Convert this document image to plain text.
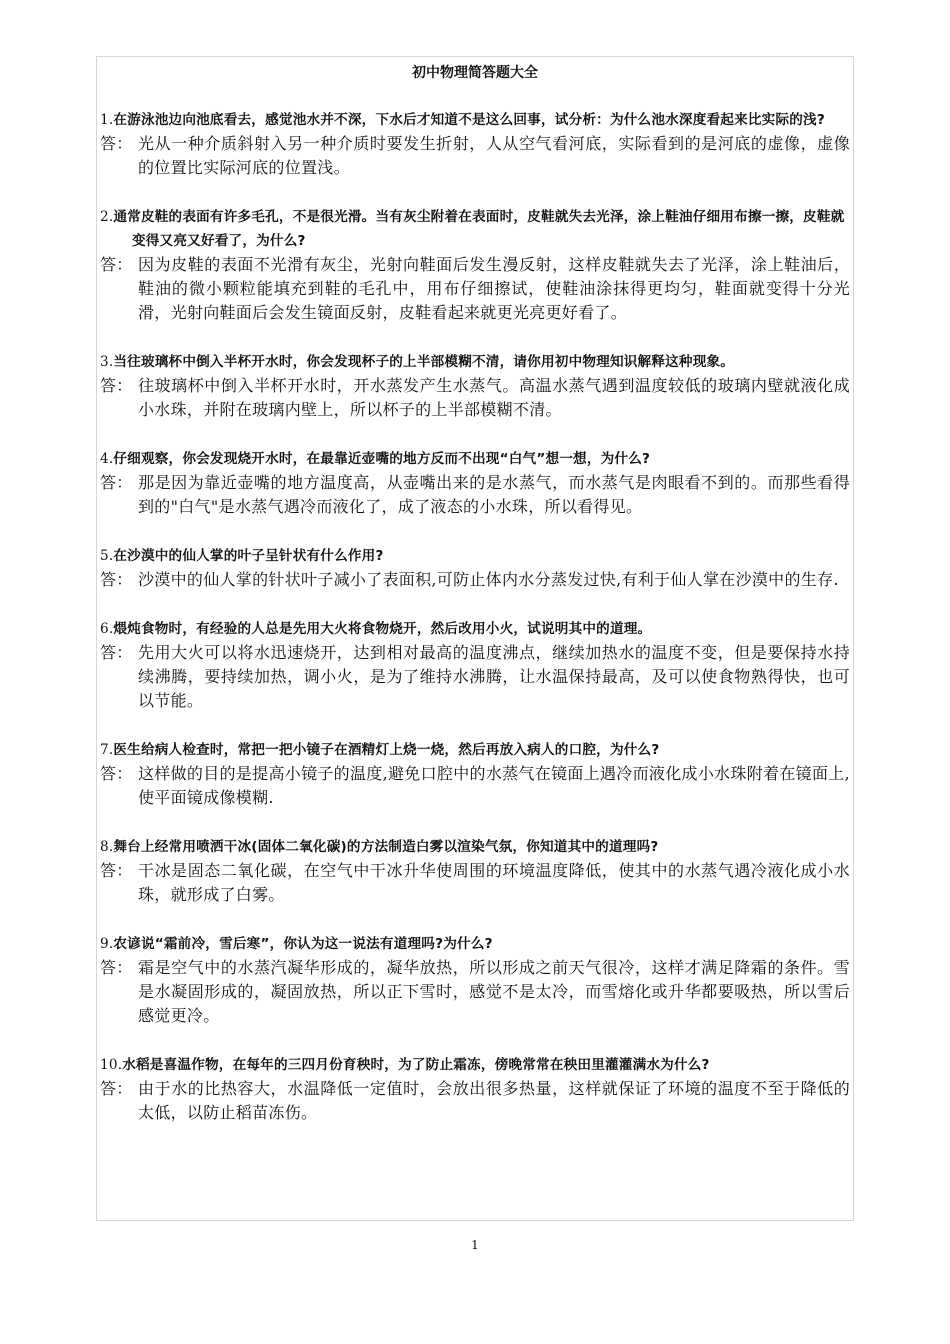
初中物理简答题大全
1.在游泳池边向池底看去，感觉池水并不深，下水后才知道不是这么回事，试分析：为什么池水深度看起来比实际的浅?
答： 光从一种介质斜射入另一种介质时要发生折射，人从空气看河底，实际看到的是河底的虚像，虚像的位置比实际河底的位置浅。
2.通常皮鞋的表面有许多毛孔，不是很光滑。当有灰尘附着在表面时，皮鞋就失去光泽，涂上鞋油仔细用布擦一擦，皮鞋就变得又亮又好看了，为什么?
答： 因为皮鞋的表面不光滑有灰尘，光射向鞋面后发生漫反射，这样皮鞋就失去了光泽，涂上鞋油后，鞋油的微小颗粒能填充到鞋的毛孔中，用布仔细擦试，使鞋油涂抹得更均匀，鞋面就变得十分光滑，光射向鞋面后会发生镜面反射，皮鞋看起来就更光亮更好看了。
3.当往玻璃杯中倒入半杯开水时，你会发现杯子的上半部模糊不清，请你用初中物理知识解释这种现象。
答： 往玻璃杯中倒入半杯开水时，开水蒸发产生水蒸气。高温水蒸气遇到温度较低的玻璃内壁就液化成小水珠，并附在玻璃内壁上，所以杯子的上半部模糊不清。
4.仔细观察，你会发现烧开水时，在最靠近壶嘴的地方反而不出现“白气”想一想，为什么?
答： 那是因为靠近壶嘴的地方温度高，从壶嘴出来的是水蒸气，而水蒸气是肉眼看不到的。而那些看得到的"白气"是水蒸气遇冷而液化了，成了液态的小水珠，所以看得见。
5.在沙漠中的仙人掌的叶子呈针状有什么作用?
答： 沙漠中的仙人掌的针状叶子减小了表面积,可防止体内水分蒸发过快,有利于仙人掌在沙漠中的生存.
6.煨炖食物时，有经验的人总是先用大火将食物烧开，然后改用小火，试说明其中的道理。
答： 先用大火可以将水迅速烧开，达到相对最高的温度沸点，继续加热水的温度不变，但是要保持水持续沸腾，要持续加热，调小火，是为了维持水沸腾，让水温保持最高，及可以使食物熟得快，也可以节能。
7.医生给病人检查时，常把一把小镜子在酒精灯上烧一烧，然后再放入病人的口腔，为什么?
答： 这样做的目的是提高小镜子的温度,避免口腔中的水蒸气在镜面上遇冷而液化成小水珠附着在镜面上,使平面镜成像模糊.
8.舞台上经常用喷洒干冰(固体二氧化碳)的方法制造白雾以渲染气氛，你知道其中的道理吗?
答： 干冰是固态二氧化碳，在空气中干冰升华使周围的环境温度降低，使其中的水蒸气遇冷液化成小水珠，就形成了白雾。
9.农谚说“霜前冷，雪后寒”，你认为这一说法有道理吗?为什么?
答： 霜是空气中的水蒸汽凝华形成的，凝华放热，所以形成之前天气很冷，这样才满足降霜的条件。雪是水凝固形成的，凝固放热，所以正下雪时，感觉不是太冷，而雪熔化或升华都要吸热，所以雪后感觉更冷。
10.水稻是喜温作物，在每年的三四月份育秧时，为了防止霜冻，傍晚常常在秧田里灌灌满水为什么?
答： 由于水的比热容大，水温降低一定值时，会放出很多热量，这样就保证了环境的温度不至于降低的太低，以防止稻苗冻伤。
1
